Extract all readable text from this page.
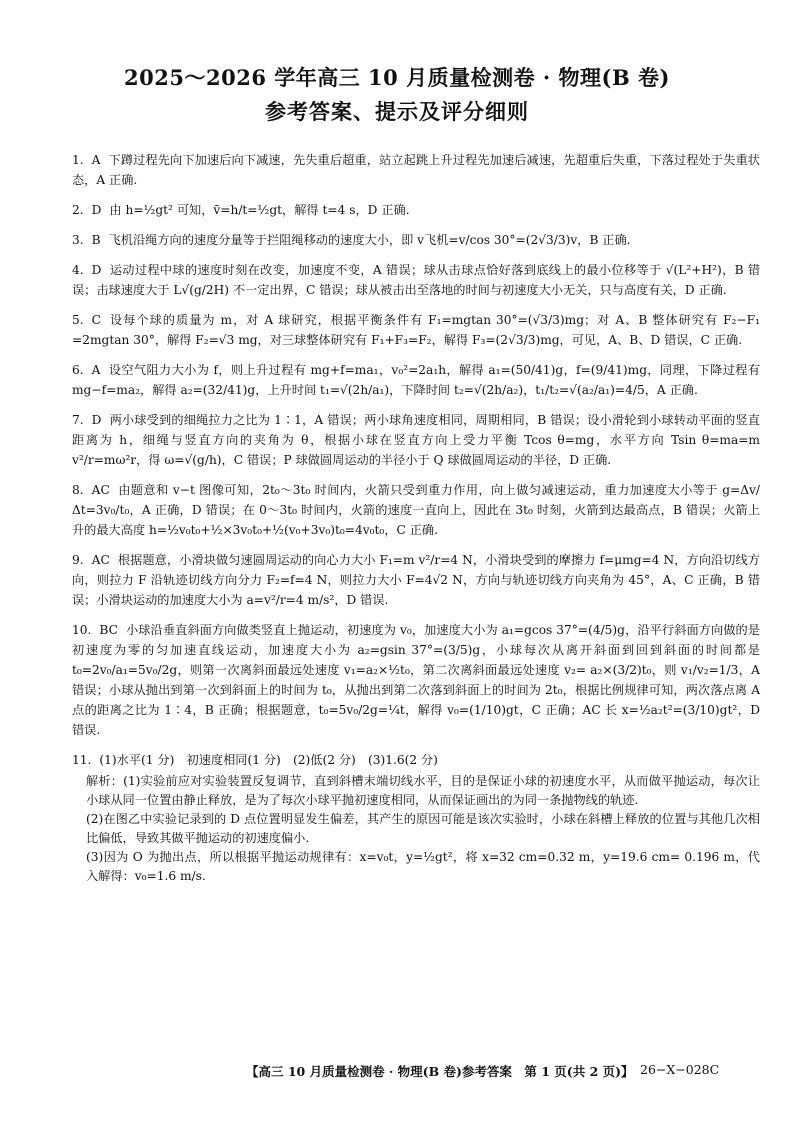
2025～2026 学年高三 10 月质量检测卷 · 物理(B 卷)
参考答案、提示及评分细则
1. A 下蹲过程先向下加速后向下减速，先失重后超重，站立起跳上升过程先加速后减速，先超重后失重，下落过程处于失重状态，A 正确.
2. D 由 h=½gt² 可知，v̄=h/t=½gt，解得 t=4 s，D 正确.
3. B 飞机沿绳方向的速度分量等于拦阻绳移动的速度大小，即 v飞机=v/cos 30°=(2√3/3)v，B 正确.
4. D 运动过程中球的速度时刻在改变，加速度不变，A 错误；球从击球点恰好落到底线上的最小位移等于 √(L²+H²)，B 错误；击球速度大于 L√(g/2H) 不一定出界，C 错误；球从被击出至落地的时间与初速度大小无关，只与高度有关，D 正确.
5. C 设每个球的质量为 m，对 A 球研究，根据平衡条件有 F₁=mgtan 30°=(√3/3)mg；对 A、B 整体研究有 F₂−F₁ =2mgtan 30°，解得 F₂=√3 mg，对三球整体研究有 F₁+F₃=F₂，解得 F₃=(2√3/3)mg，可见，A、B、D 错误，C 正确.
6. A 设空气阻力大小为 f，则上升过程有 mg+f=ma₁，v₀²=2a₁h，解得 a₁=(50/41)g，f=(9/41)mg，同理，下降过程有 mg−f=ma₂，解得 a₂=(32/41)g，上升时间 t₁=√(2h/a₁)，下降时间 t₂=√(2h/a₂)，t₁/t₂=√(a₂/a₁)=4/5，A 正确.
7. D 两小球受到的细绳拉力之比为 1∶1，A 错误；两小球角速度相同，周期相同，B 错误；设小滑轮到小球转动平面的竖直距离为 h，细绳与竖直方向的夹角为 θ，根据小球在竖直方向上受力平衡 Tcos θ=mg，水平方向 Tsin θ=ma=m v²/r=mω²r，得 ω=√(g/h)，C 错误；P 球做圆周运动的半径小于 Q 球做圆周运动的半径，D 正确.
8. AC 由题意和 v−t 图像可知，2t₀～3t₀ 时间内，火箭只受到重力作用，向上做匀减速运动，重力加速度大小等于 g=Δv/Δt=3v₀/t₀，A 正确，D 错误；在 0～3t₀ 时间内，火箭的速度一直向上，因此在 3t₀ 时刻，火箭到达最高点，B 错误；火箭上升的最大高度 h=½v₀t₀+½×3v₀t₀+½(v₀+3v₀)t₀=4v₀t₀，C 正确.
9. AC 根据题意，小滑块做匀速圆周运动的向心力大小 F₁=m v²/r=4 N，小滑块受到的摩擦力 f=μmg=4 N，方向沿切线方向，则拉力 F 沿轨迹切线方向分力 F₂=f=4 N，则拉力大小 F=4√2 N，方向与轨迹切线方向夹角为 45°，A、C 正确，B 错误；小滑块运动的加速度大小为 a=v²/r=4 m/s²，D 错误.
10. BC 小球沿垂直斜面方向做类竖直上抛运动，初速度为 v₀，加速度大小为 a₁=gcos 37°=(4/5)g，沿平行斜面方向做的是初速度为零的匀加速直线运动，加速度大小为 a₂=gsin 37°=(3/5)g，小球每次从离开斜面到回到斜面的时间都是 t₀=2v₀/a₁=5v₀/2g，则第一次离斜面最远处速度 v₁=a₂×½t₀，第二次离斜面最远处速度 v₂= a₂×(3/2)t₀，则 v₁/v₂=1/3，A 错误；小球从抛出到第一次到斜面上的时间为 t₀，从抛出到第二次落到斜面上的时间为 2t₀，根据比例规律可知，两次落点离 A 点的距离之比为 1∶4，B 正确；根据题意，t₀=5v₀/2g=¼t，解得 v₀=(1/10)gt，C 正确；AC 长 x=½a₂t²=(3/10)gt²，D 错误.
11. (1)水平(1 分)　初速度相同(1 分)　(2)低(2 分)　(3)1.6(2 分)

解析：(1)实验前应对实验装置反复调节，直到斜槽末端切线水平，目的是保证小球的初速度水平，从而做平抛运动，每次让小球从同一位置由静止释放，是为了每次小球平抛初速度相同，从而保证画出的为同一条抛物线的轨迹.

(2)在图乙中实验记录到的 D 点位置明显发生偏差，其产生的原因可能是该次实验时，小球在斜槽上释放的位置与其他几次相比偏低，导致其做平抛运动的初速度偏小.

(3)因为 O 为抛出点，所以根据平抛运动规律有：x=v₀t，y=½gt²，将 x=32 cm=0.32 m，y=19.6 cm= 0.196 m，代入解得：v₀=1.6 m/s.

【高三 10 月质量检测卷 · 物理(B 卷)参考答案　第 1 页(共 2 页)】 26−X−028C
